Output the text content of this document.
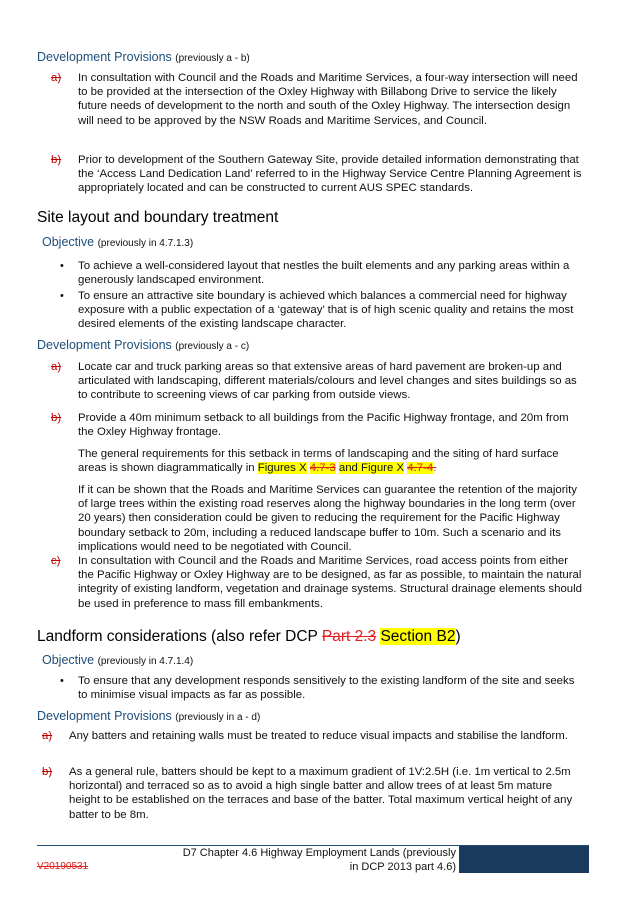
Development Provisions (previously a - b)
a) In consultation with Council and the Roads and Maritime Services, a four-way intersection will need to be provided at the intersection of the Oxley Highway with Billabong Drive to service the likely future needs of development to the north and south of the Oxley Highway. The intersection design will need to be approved by the NSW Roads and Maritime Services, and Council.
b) Prior to development of the Southern Gateway Site, provide detailed information demonstrating that the ‘Access Land Dedication Land’ referred to in the Highway Service Centre Planning Agreement is appropriately located and can be constructed to current AUS SPEC standards.
Site layout and boundary treatment
Objective (previously in 4.7.1.3)
• To achieve a well-considered layout that nestles the built elements and any parking areas within a generously landscaped environment.
• To ensure an attractive site boundary is achieved which balances a commercial need for highway exposure with a public expectation of a ‘gateway’ that is of high scenic quality and retains the most desired elements of the existing landscape character.
Development Provisions (previously a - c)
a) Locate car and truck parking areas so that extensive areas of hard pavement are broken-up and articulated with landscaping, different materials/colours and level changes and sites buildings so as to contribute to screening views of car parking from outside views.
b) Provide a 40m minimum setback to all buildings from the Pacific Highway frontage, and 20m from the Oxley Highway frontage.
The general requirements for this setback in terms of landscaping and the siting of hard surface areas is shown diagrammatically in Figures X 4.7-3 and Figure X 4.7-4.
If it can be shown that the Roads and Maritime Services can guarantee the retention of the majority of large trees within the existing road reserves along the highway boundaries in the long term (over 20 years) then consideration could be given to reducing the requirement for the Pacific Highway boundary setback to 20m, including a reduced landscape buffer to 10m. Such a scenario and its implications would need to be negotiated with Council.
c) In consultation with Council and the Roads and Maritime Services, road access points from either the Pacific Highway or Oxley Highway are to be designed, as far as possible, to maintain the natural integrity of existing landform, vegetation and drainage systems. Structural drainage elements should be used in preference to mass fill embankments.
Landform considerations (also refer DCP Part 2.3 Section B2)
Objective (previously in 4.7.1.4)
• To ensure that any development responds sensitively to the existing landform of the site and seeks to minimise visual impacts as far as possible.
Development Provisions (previously in a - d)
a) Any batters and retaining walls must be treated to reduce visual impacts and stabilise the landform.
b) As a general rule, batters should be kept to a maximum gradient of 1V:2.5H (i.e. 1m vertical to 2.5m horizontal) and terraced so as to avoid a high single batter and allow trees of at least 5m mature height to be established on the terraces and base of the batter. Total maximum vertical height of any batter to be 8m.
D7 Chapter 4.6 Highway Employment Lands (previously
in DCP 2013 part 4.6)
V20190531
